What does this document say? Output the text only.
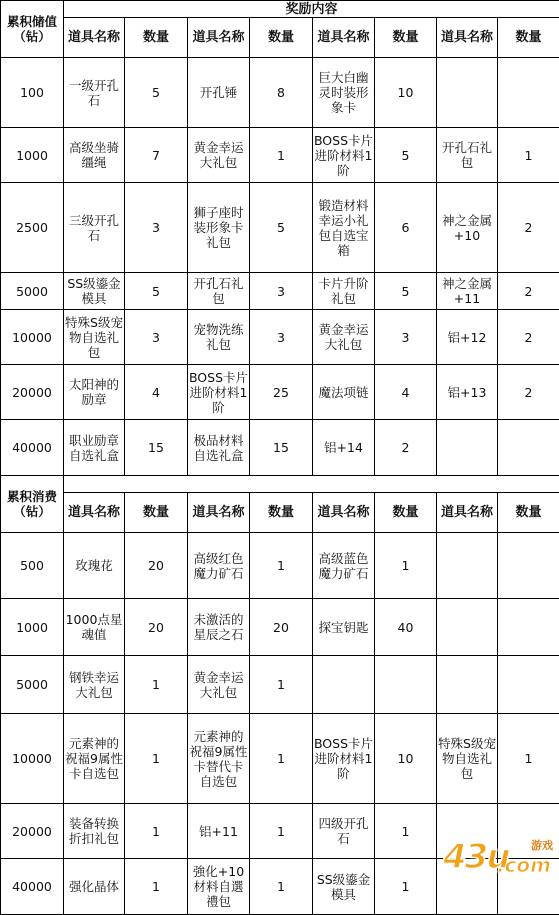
累积储值（钻）	奖励内容							
	道具名称	数量	道具名称	数量	道具名称	数量	道具名称	数量
100	一级开孔石	5	开孔锤	8	巨大白幽灵时装形象卡	10		
1000	高级坐骑缰绳	7	黄金幸运大礼包	1	BOSS卡片进阶材料1阶	5	开孔石礼包	1
2500	三级开孔石	3	狮子座时装形象卡礼包	5	锻造材料幸运小礼包自选宝箱	6	神之金属+10	2
5000	SS级鎏金模具	5	开孔石礼包	3	卡片升阶礼包	5	神之金属+11	2
10000	特殊S级宠物自选礼包	3	宠物洗练礼包	3	黄金幸运大礼包	3	铝+12	2
20000	太阳神的励章	4	BOSS卡片进阶材料1阶	25	魔法项链	4	铝+13	2
40000	职业励章自选礼盒	15	极品材料自选礼盒	15	铝+14	2		
累积消费（钻）								
	道具名称	数量	道具名称	数量	道具名称	数量	道具名称	数量
500	玫瑰花	20	高级红色魔力矿石	1	高级蓝色魔力矿石	1		
1000	1000点星魂值	20	未激活的星辰之石	20	探宝钥匙	40		
5000	钢铁幸运大礼包	1	黄金幸运大礼包	1				
10000	元素神的祝福9属性卡自选包	1	元素神的祝福9属性卡替代卡自选包	1	BOSS卡片进阶材料1阶	10	特殊S级宠物自选礼包	1
20000	装备转换折扣礼包	1	铝+11	1	四级开孔石	1		
40000	强化晶体	1	強化+10材料自選禮包	1	SS级鎏金模具	1		
43u 游戏
.com
